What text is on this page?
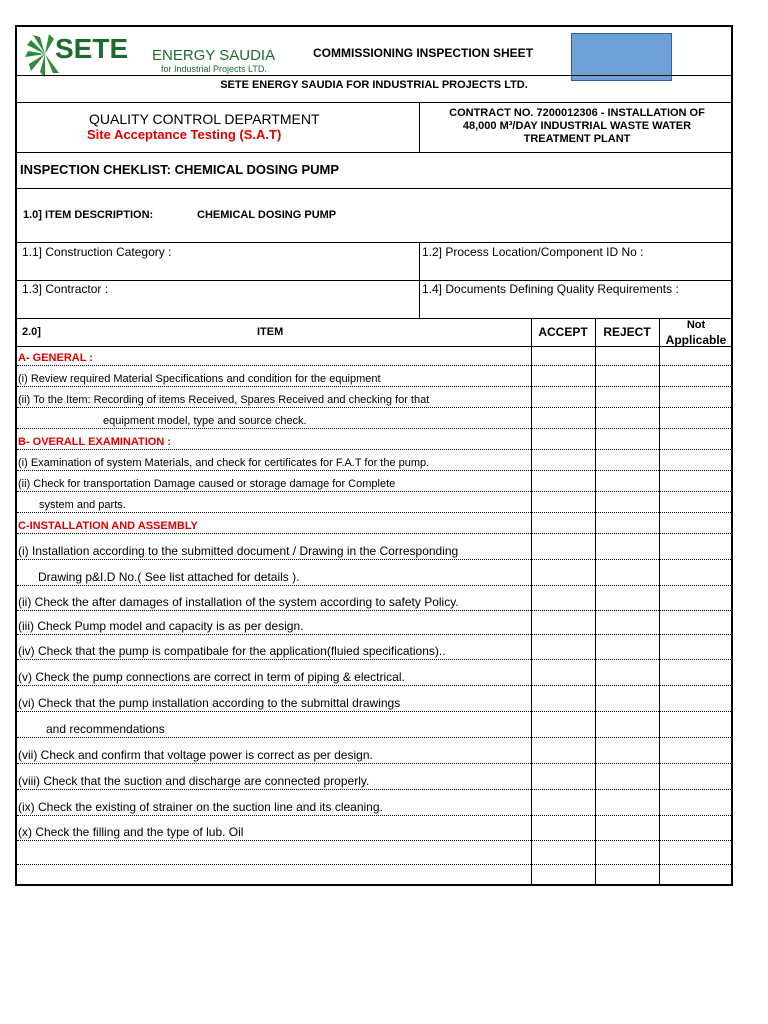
SETE ENERGY SAUDIA
for Industrial Projects LTD.
COMMISSIONING INSPECTION SHEET
SETE ENERGY SAUDIA FOR INDUSTRIAL PROJECTS LTD.
QUALITY CONTROL DEPARTMENT
Site Acceptance Testing (S.A.T)
CONTRACT NO. 7200012306 - INSTALLATION OF
48,000 M³/DAY INDUSTRIAL WASTE WATER
TREATMENT PLANT
INSPECTION CHEKLIST: CHEMICAL DOSING PUMP
1.0] ITEM DESCRIPTION:	CHEMICAL DOSING PUMP
1.1] Construction Category :	1.2] Process Location/Component ID No :
1.3] Contractor :	1.4] Documents Defining Quality Requirements :
2.0]	ITEM	ACCEPT	REJECT	Not
Applicable
A- GENERAL :
(i) Review required Material Specifications and condition for the equipment
(ii) To the Item: Recording of items Received, Spares Received and checking for that
equipment model, type and source check.
B- OVERALL EXAMINATION :
(i) Examination of system Materials, and check for certificates for F.A.T for the pump.
(ii) Check for transportation Damage caused or storage damage for Complete
system and parts.
C-INSTALLATION AND ASSEMBLY
(i) Installation according to the submitted document / Drawing in the Corresponding
Drawing p&I.D No.( See list attached for details ).
(ii) Check the after damages of installation of the system according to safety Policy.
(iii) Check Pump model and capacity is as per design.
(iv) Check that the pump is compatibale for the application(fluied specifications)..
(v) Check the pump connections are correct in term of piping & electrical.
(vi) Check that the pump installation according to the submittal drawings
and recommendations
(vii) Check and confirm that voltage power is correct as per design.
(viii) Check that the suction and discharge are connected properly.
(ix) Check the existing of strainer on the suction line and its cleaning.
(x) Check the filling and the type of lub. Oil
